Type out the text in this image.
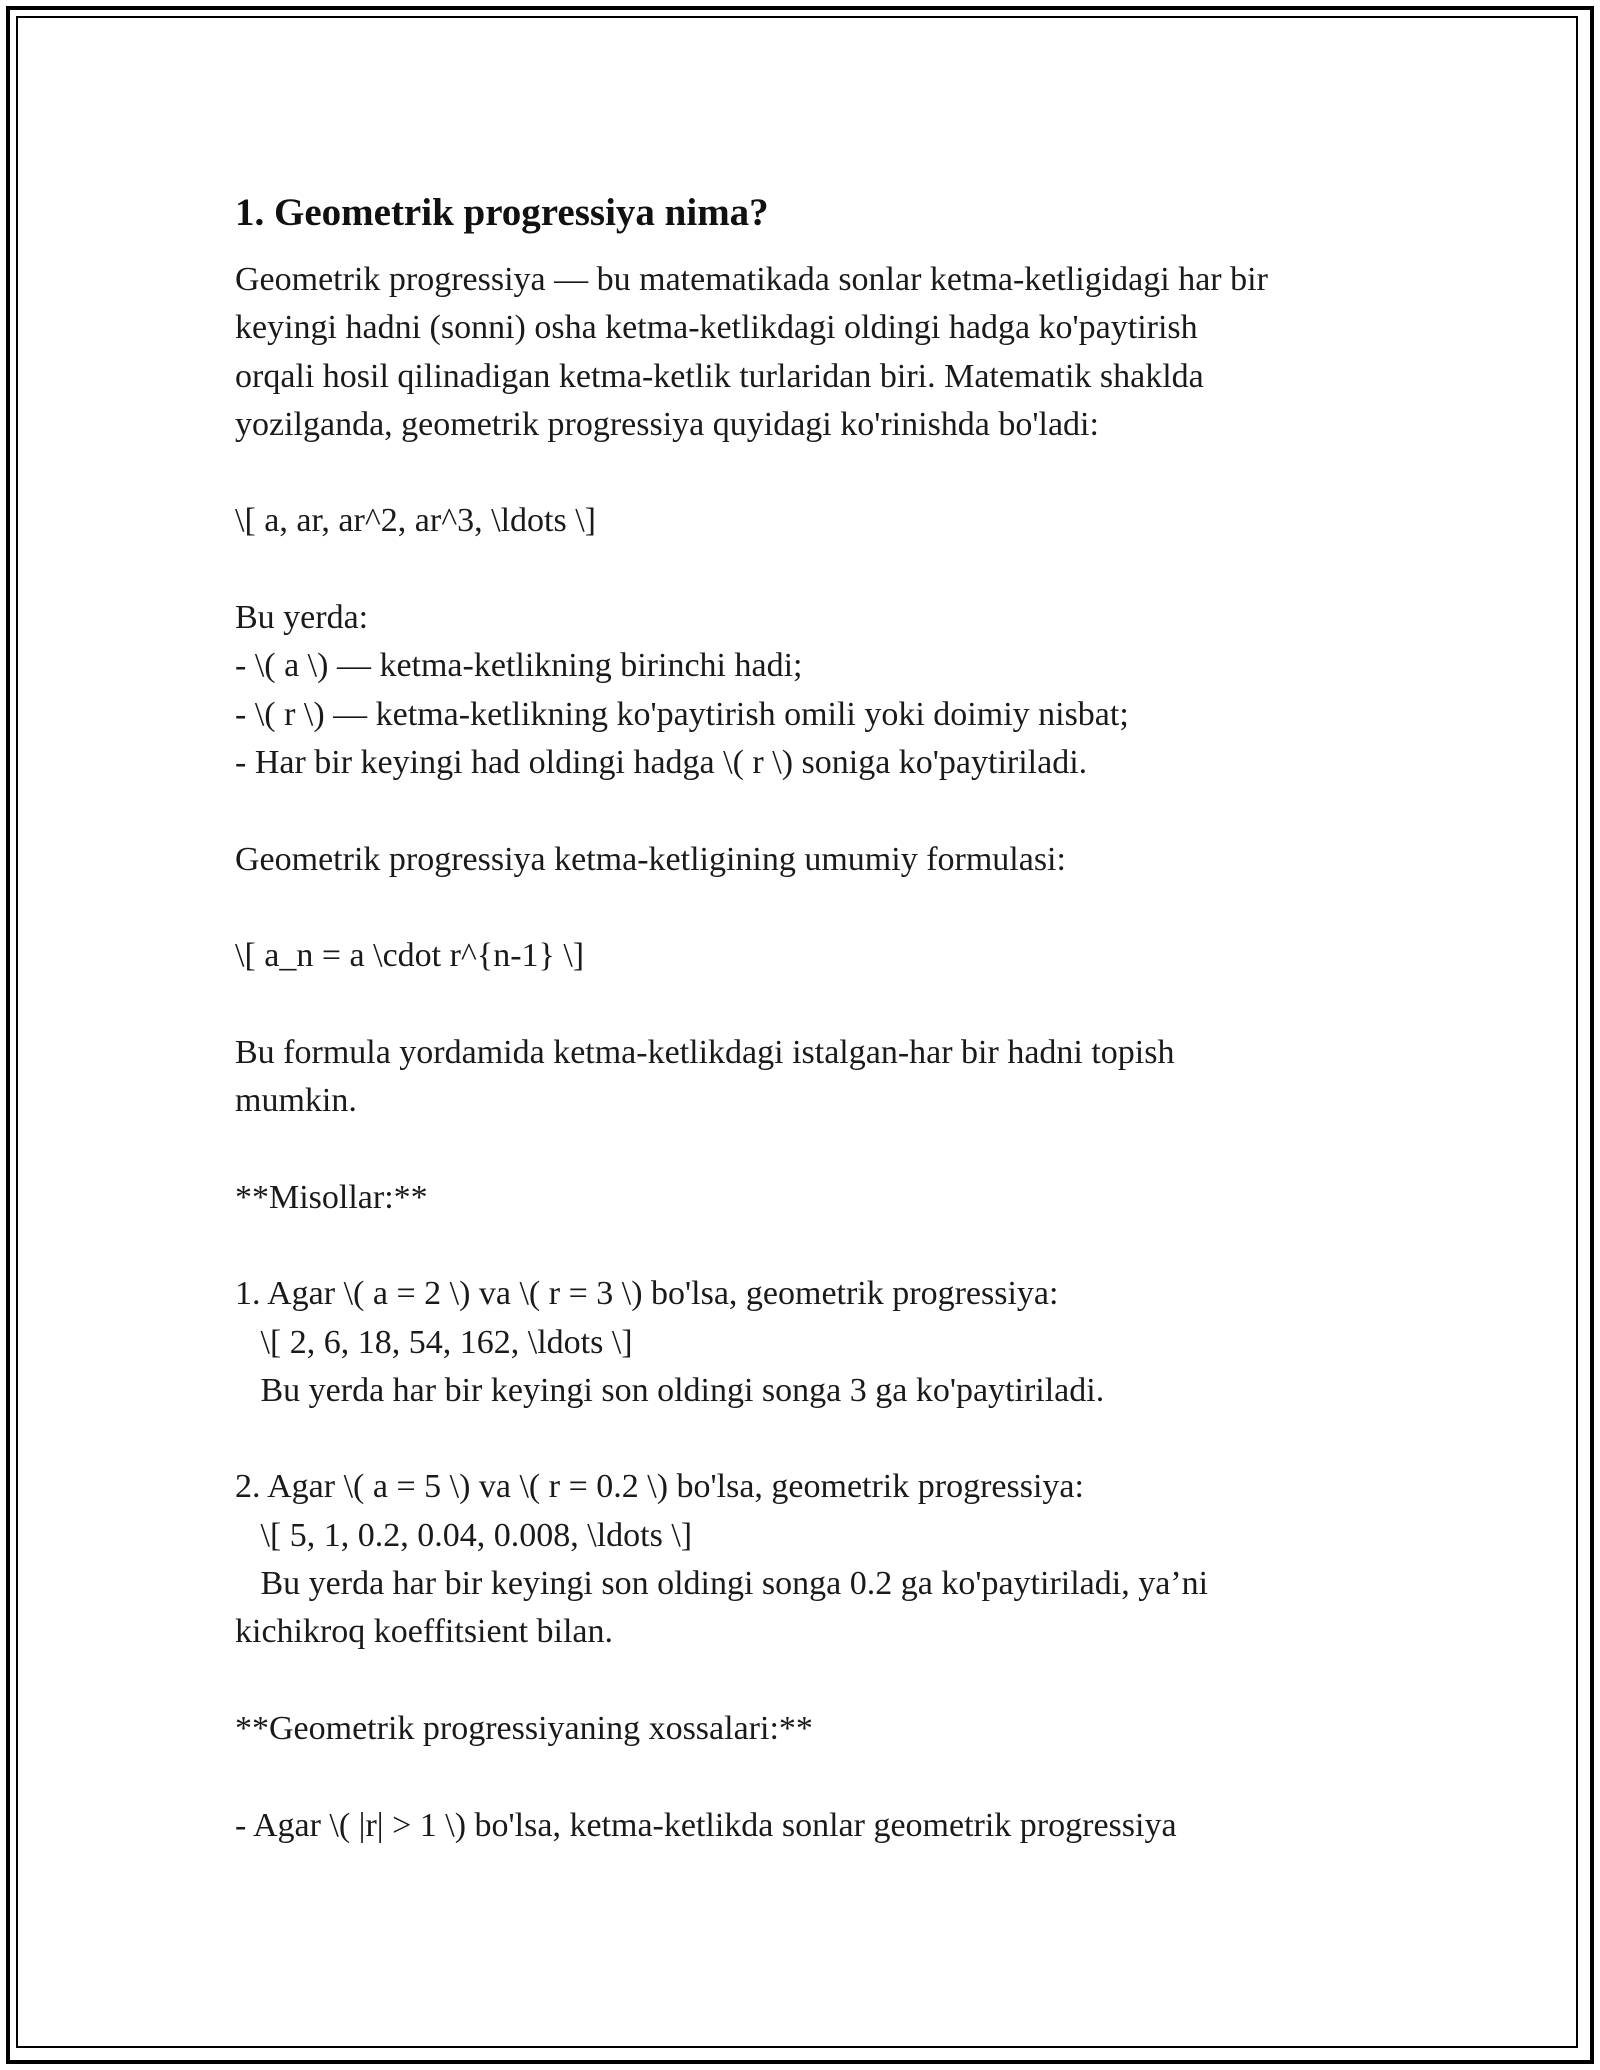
1. Geometrik progressiya nima?
Geometrik progressiya — bu matematikada sonlar ketma-ketligidagi har bir
keyingi hadni (sonni) osha ketma-ketlikdagi oldingi hadga ko'paytirish
orqali hosil qilinadigan ketma-ketlik turlaridan biri. Matematik shaklda
yozilganda, geometrik progressiya quyidagi ko'rinishda bo'ladi:
\[ a, ar, ar^2, ar^3, \ldots \]
Bu yerda:
- \( a \) — ketma-ketlikning birinchi hadi;
- \( r \) — ketma-ketlikning ko'paytirish omili yoki doimiy nisbat;
- Har bir keyingi had oldingi hadga \( r \) soniga ko'paytiriladi.
Geometrik progressiya ketma-ketligining umumiy formulasi:
\[ a_n = a \cdot r^{n-1} \]
Bu formula yordamida ketma-ketlikdagi istalgan-har bir hadni topish
mumkin.
**Misollar:**
1. Agar \( a = 2 \) va \( r = 3 \) bo'lsa, geometrik progressiya:
\[ 2, 6, 18, 54, 162, \ldots \]
Bu yerda har bir keyingi son oldingi songa 3 ga ko'paytiriladi.
2. Agar \( a = 5 \) va \( r = 0.2 \) bo'lsa, geometrik progressiya:
\[ 5, 1, 0.2, 0.04, 0.008, \ldots \]
Bu yerda har bir keyingi son oldingi songa 0.2 ga ko'paytiriladi, ya’ni
kichikroq koeffitsient bilan.
**Geometrik progressiyaning xossalari:**
- Agar \( |r| > 1 \) bo'lsa, ketma-ketlikda sonlar geometrik progressiya
